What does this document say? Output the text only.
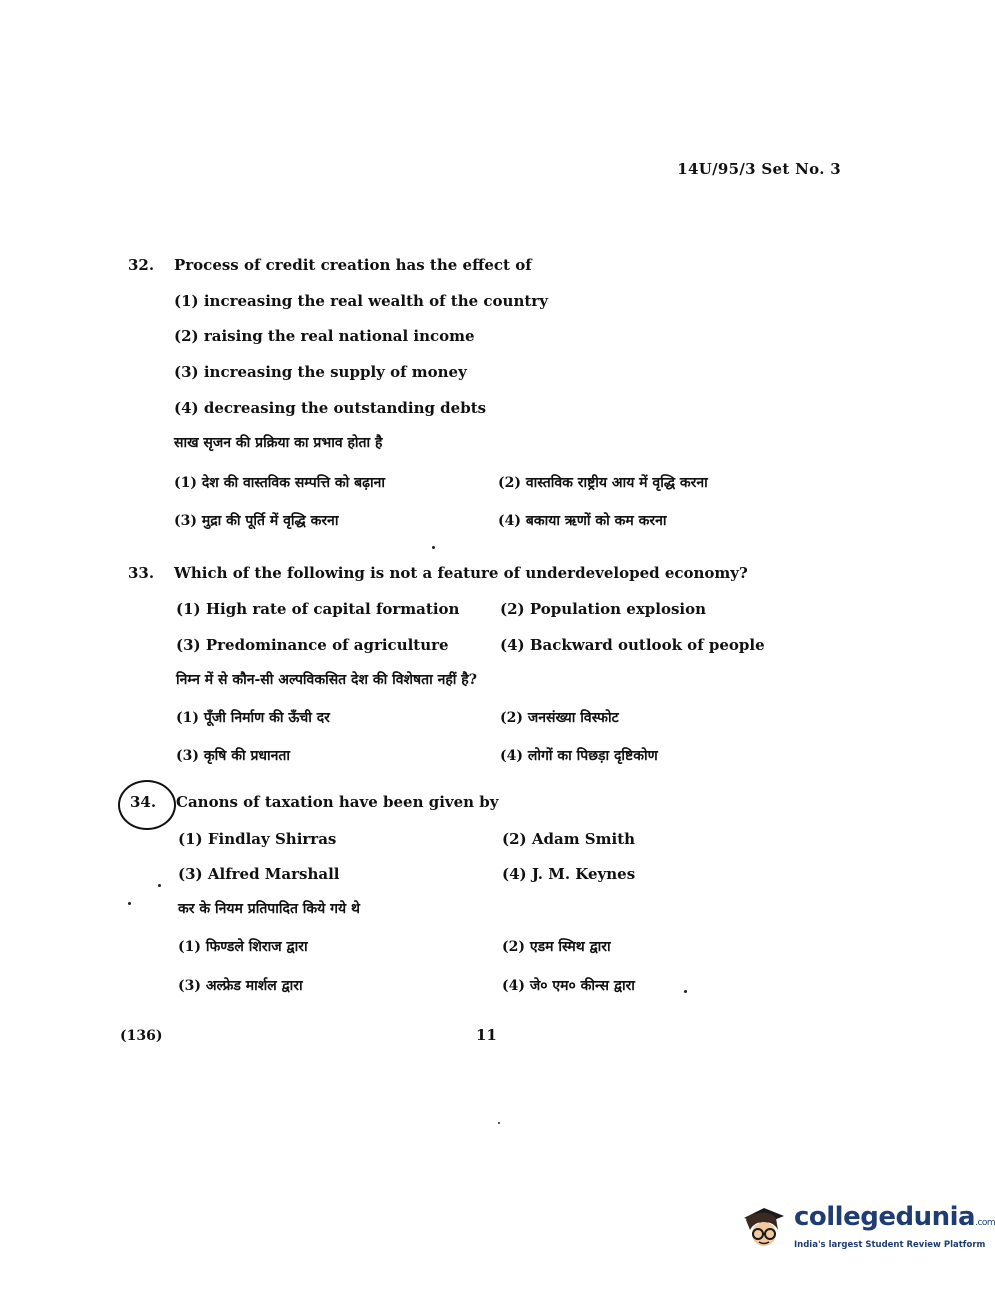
14U/95/3 Set No. 3
32.	Process of credit creation has the effect of
(1) increasing the real wealth of the country
(2) raising the real national income
(3) increasing the supply of money
(4) decreasing the outstanding debts
साख सृजन की प्रक्रिया का प्रभाव होता है
(1) देश की वास्तविक सम्पत्ति को बढ़ाना	(2) वास्तविक राष्ट्रीय आय में वृद्धि करना
(3) मुद्रा की पूर्ति में वृद्धि करना	(4) बकाया ऋणों को कम करना
33.	Which of the following is not a feature of underdeveloped economy?
(1) High rate of capital formation	(2) Population explosion
(3) Predominance of agriculture	(4) Backward outlook of people
निम्न में से कौन-सी अल्पविकसित देश की विशेषता नहीं है?
(1) पूँजी निर्माण की ऊँची दर	(2) जनसंख्या विस्फोट
(3) कृषि की प्रधानता	(4) लोगों का पिछड़ा दृष्टिकोण
34.	Canons of taxation have been given by
(1) Findlay Shirras	(2) Adam Smith
(3) Alfred Marshall	(4) J. M. Keynes
कर के नियम प्रतिपादित किये गये थे
(1) फिण्डले शिराज द्वारा	(2) एडम स्मिथ द्वारा
(3) अल्फ्रेड मार्शल द्वारा	(4) जे० एम० कीन्स द्वारा
(136)	11
collegedunia.com
India's largest Student Review Platform
